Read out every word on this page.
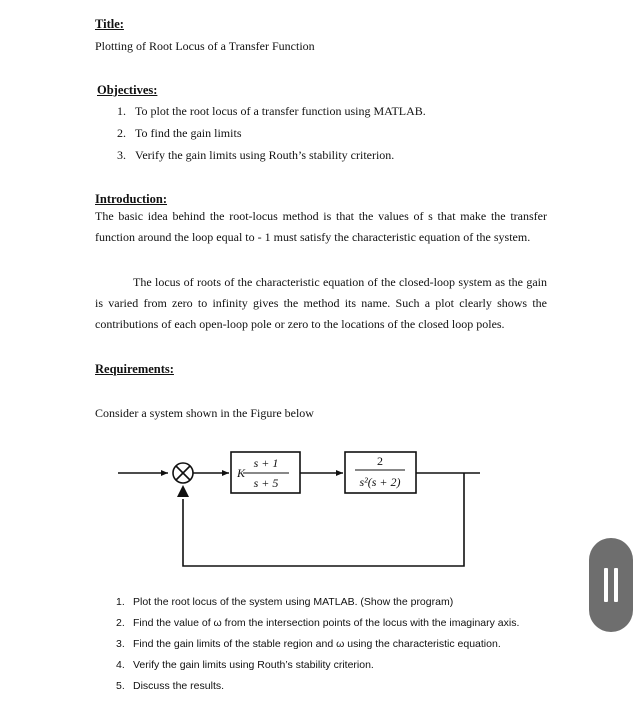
Title:
Plotting of Root Locus of a Transfer Function
Objectives:
1. To plot the root locus of a transfer function using MATLAB.
2. To find the gain limits
3. Verify the gain limits using Routh’s stability criterion.
Introduction:

The basic idea behind the root-locus method is that the values of s that make the transfer function around the loop equal to - 1 must satisfy the characteristic equation of the system.

The locus of roots of the characteristic equation of the closed-loop system as the gain is varied from zero to infinity gives the method its name. Such a plot clearly shows the contributions of each open-loop pole or zero to the locations of the closed loop poles.

Requirements:
Consider a system shown in the Figure below
K
s + 1
s + 5
2
s²(s + 2)
1. Plot the root locus of the system using MATLAB. (Show the program)
2. Find the value of ω from the intersection points of the locus with the imaginary axis.
3. Find the gain limits of the stable region and ω using the characteristic equation.
4. Verify the gain limits using Routh’s stability criterion.
5. Discuss the results.
